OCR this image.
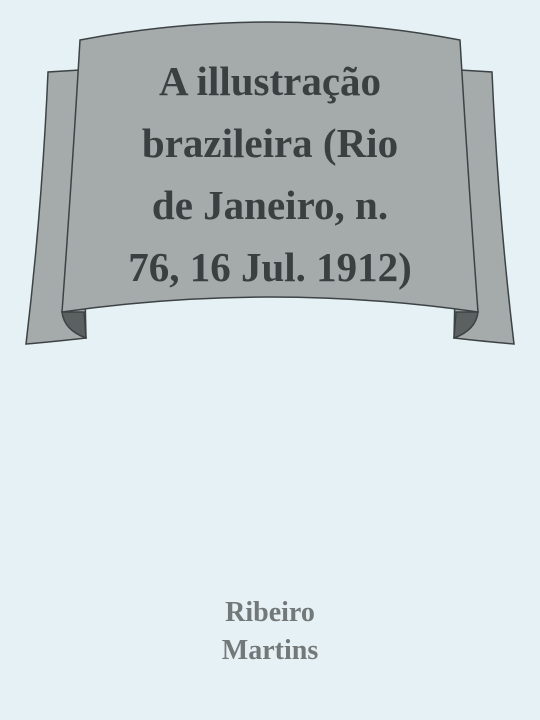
A illustração
brazileira (Rio
de Janeiro, n.
76, 16 Jul. 1912)
Ribeiro
Martins
